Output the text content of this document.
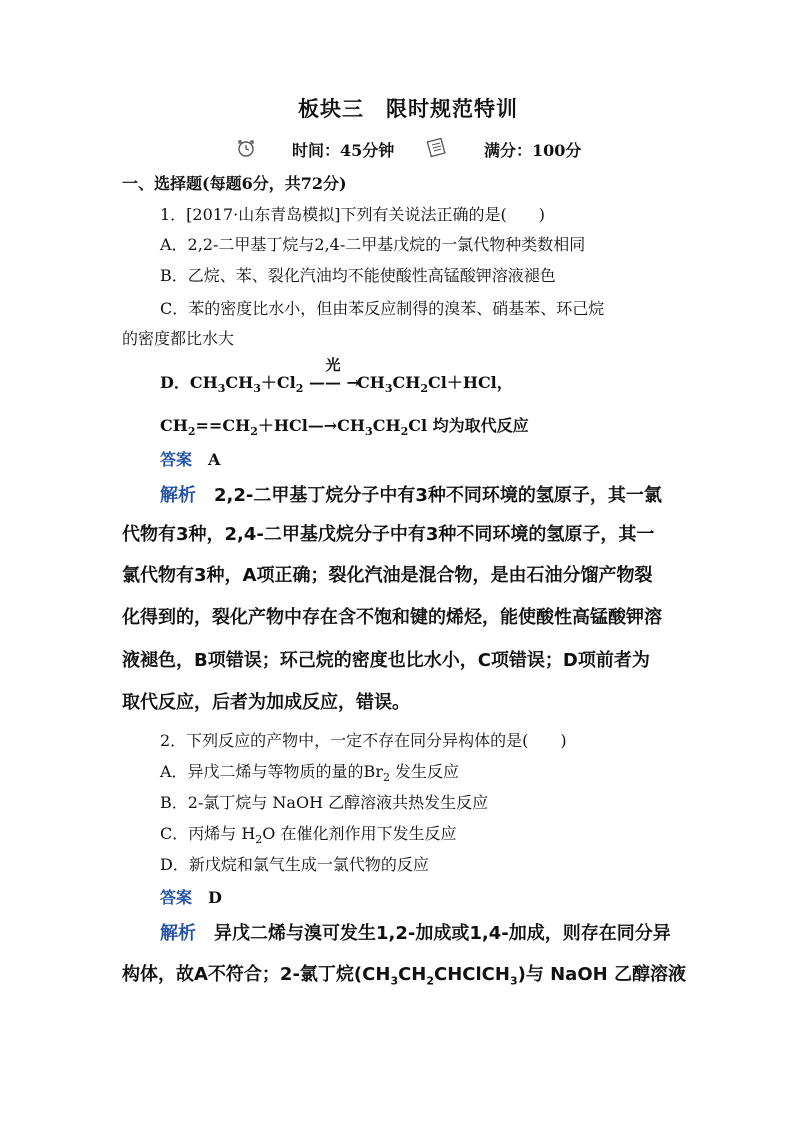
板块三　限时规范特训
时间：45分钟	满分：100分
一、选择题(每题6分，共72分)
1．[2017·山东青岛模拟]下列有关说法正确的是(　　)
A．2,2-二甲基丁烷与2,4-二甲基戊烷的一氯代物种类数相同
B．乙烷、苯、裂化汽油均不能使酸性高锰酸钾溶液褪色
C．苯的密度比水小，但由苯反应制得的溴苯、硝基苯、环己烷
的密度都比水大
D．$CH_3CH_3+Cl_2$
光
—— $\to CH_3CH_2Cl+HCl$，
$CH_2==CH_2+HCl—\to CH_3CH_2Cl$ 均为取代反应
答案　 A
解析　 2,2-二甲基丁烷分子中有3种不同环境的氢原子，其一氯
代物有3种，2,4-二甲基戊烷分子中有3种不同环境的氢原子，其一
氯代物有3种，A项正确；裂化汽油是混合物，是由石油分馏产物裂
化得到的，裂化产物中存在含不饱和键的烯烃，能使酸性高锰酸钾溶
液褪色，B项错误；环己烷的密度也比水小，C项错误；D项前者为
取代反应，后者为加成反应，错误。
2．下列反应的产物中，一定不存在同分异构体的是(　　)
A．异戊二烯与等物质的量的$Br_2$ 发生反应
B．2-氯丁烷与 NaOH 乙醇溶液共热发生反应
C．丙烯与 $H_2O$ 在催化剂作用下发生反应
D．新戊烷和氯气生成一氯代物的反应
答案　 D
解析　 异戊二烯与溴可发生1,2-加成或1,4-加成，则存在同分异
构体，故A不符合；2-氯丁烷$(CH_3CH_2CHClCH_3)$与 NaOH 乙醇溶液
